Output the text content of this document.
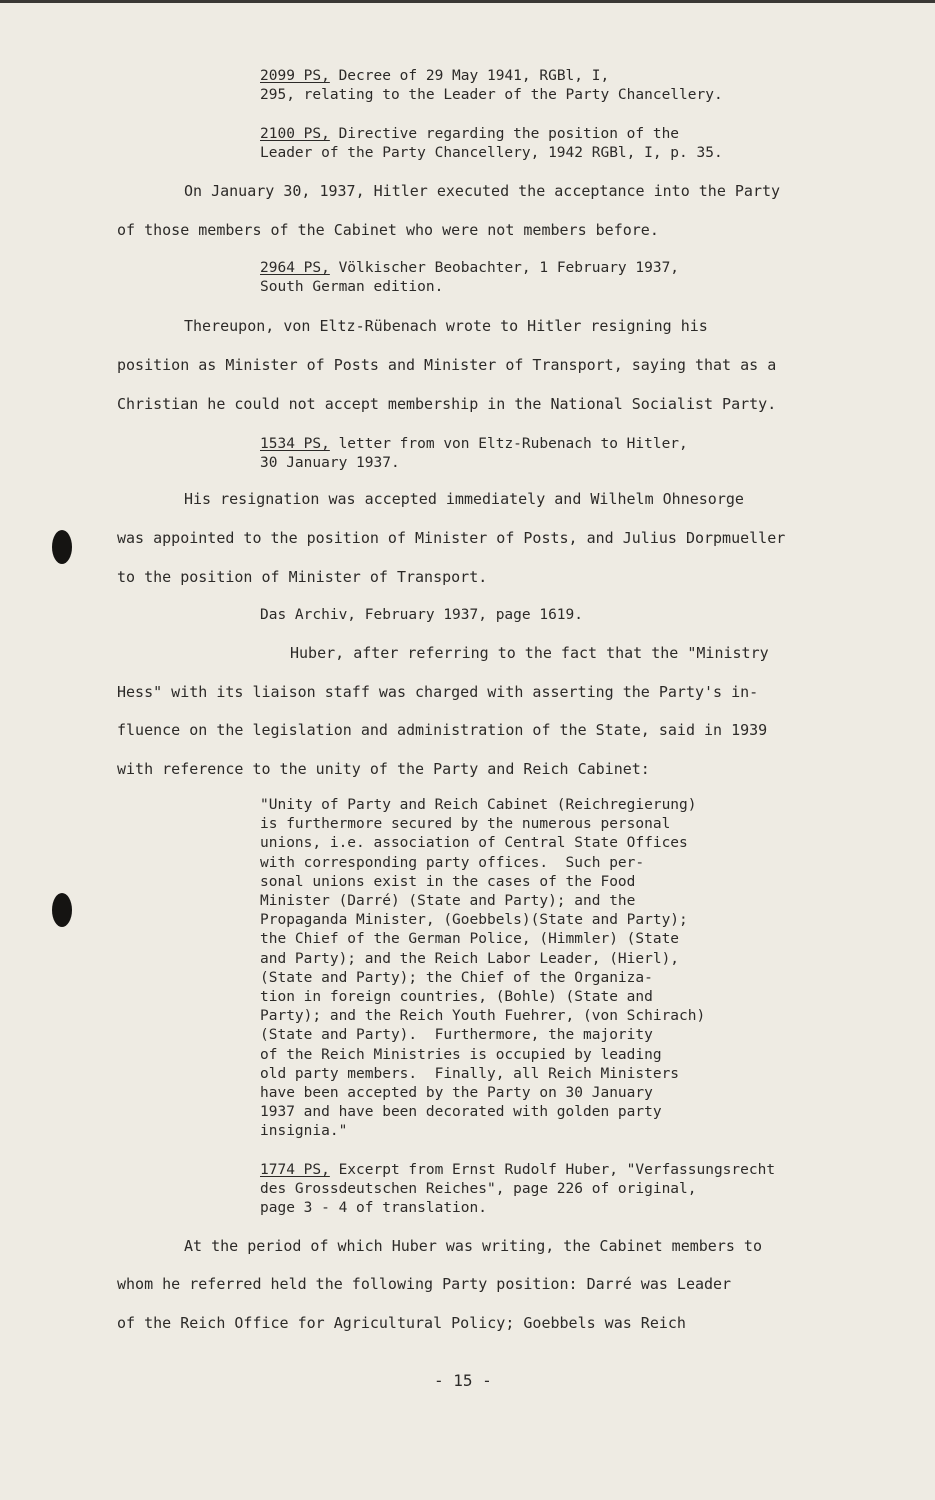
2099 PS, Decree of 29 May 1941, RGBl, I,
295, relating to the Leader of the Party Chancellery.
2100 PS, Directive regarding the position of the
Leader of the Party Chancellery, 1942 RGBl, I, p. 35.
On January 30, 1937, Hitler executed the acceptance into the Party
of those members of the Cabinet who were not members before.
2964 PS, Völkischer Beobachter, 1 February 1937,
South German edition.
Thereupon, von Eltz-Rübenach wrote to Hitler resigning his
position as Minister of Posts and Minister of Transport, saying that as a
Christian he could not accept membership in the National Socialist Party.
1534 PS, letter from von Eltz-Rubenach to Hitler,
30 January 1937.
His resignation was accepted immediately and Wilhelm Ohnesorge
was appointed to the position of Minister of Posts, and Julius Dorpmueller
to the position of Minister of Transport.
Das Archiv, February 1937, page 1619.
Huber, after referring to the fact that the "Ministry
Hess" with its liaison staff was charged with asserting the Party's in-
fluence on the legislation and administration of the State, said in 1939
with reference to the unity of the Party and Reich Cabinet:
"Unity of Party and Reich Cabinet (Reichregierung)
is furthermore secured by the numerous personal
unions, i.e. association of Central State Offices
with corresponding party offices.  Such per-
sonal unions exist in the cases of the Food
Minister (Darré) (State and Party); and the
Propaganda Minister, (Goebbels)(State and Party);
the Chief of the German Police, (Himmler) (State
and Party); and the Reich Labor Leader, (Hierl),
(State and Party); the Chief of the Organiza-
tion in foreign countries, (Bohle) (State and
Party); and the Reich Youth Fuehrer, (von Schirach)
(State and Party).  Furthermore, the majority
of the Reich Ministries is occupied by leading
old party members.  Finally, all Reich Ministers
have been accepted by the Party on 30 January
1937 and have been decorated with golden party
insignia."
1774 PS, Excerpt from Ernst Rudolf Huber, "Verfassungsrecht
des Grossdeutschen Reiches", page 226 of original,
page 3 - 4 of translation.
At the period of which Huber was writing, the Cabinet members to
whom he referred held the following Party position: Darré was Leader
of the Reich Office for Agricultural Policy; Goebbels was Reich
- 15 -
